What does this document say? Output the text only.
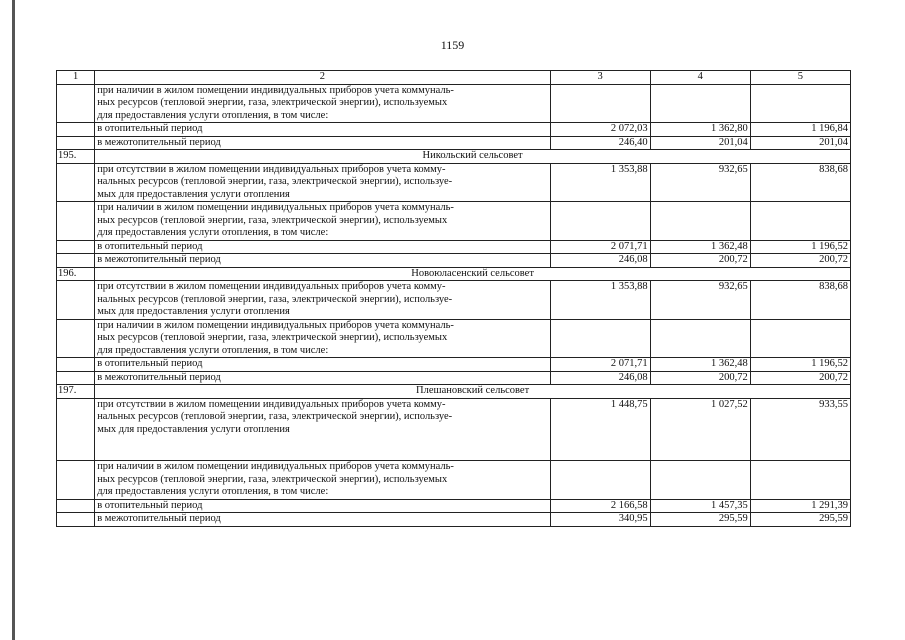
1159
1	2	3	4	5

	при наличии в жилом помещении индивидуальных приборов учета коммуналь-
ных ресурсов (тепловой энергии, газа, электрической энергии), используемых
для предоставления услуги отопления, в том числе:			

	в отопительный период	2 072,03	1 362,80	1 196,84
	в межотопительный период	246,40	201,04	201,04
195.	Никольский сельсовет			

	при отсутствии в жилом помещении индивидуальных приборов учета комму-
нальных ресурсов (тепловой энергии, газа, электрической энергии), используе-
мых для предоставления услуги отопления	1 353,88	932,65	838,68

	при наличии в жилом помещении индивидуальных приборов учета коммуналь-
ных ресурсов (тепловой энергии, газа, электрической энергии), используемых
для предоставления услуги отопления, в том числе:			

	в отопительный период	2 071,71	1 362,48	1 196,52
	в межотопительный период	246,08	200,72	200,72
196.	Новоюласенский сельсовет			

	при отсутствии в жилом помещении индивидуальных приборов учета комму-
нальных ресурсов (тепловой энергии, газа, электрической энергии), используе-
мых для предоставления услуги отопления	1 353,88	932,65	838,68

	при наличии в жилом помещении индивидуальных приборов учета коммуналь-
ных ресурсов (тепловой энергии, газа, электрической энергии), используемых
для предоставления услуги отопления, в том числе:			

	в отопительный период	2 071,71	1 362,48	1 196,52
	в межотопительный период	246,08	200,72	200,72
197.	Плешановский сельсовет			

	при отсутствии в жилом помещении индивидуальных приборов учета комму-
нальных ресурсов (тепловой энергии, газа, электрической энергии), используе-
мых для предоставления услуги отопления	1 448,75	1 027,52	933,55

	при наличии в жилом помещении индивидуальных приборов учета коммуналь-
ных ресурсов (тепловой энергии, газа, электрической энергии), используемых
для предоставления услуги отопления, в том числе:			

	в отопительный период	2 166,58	1 457,35	1 291,39
	в межотопительный период	340,95	295,59	295,59
